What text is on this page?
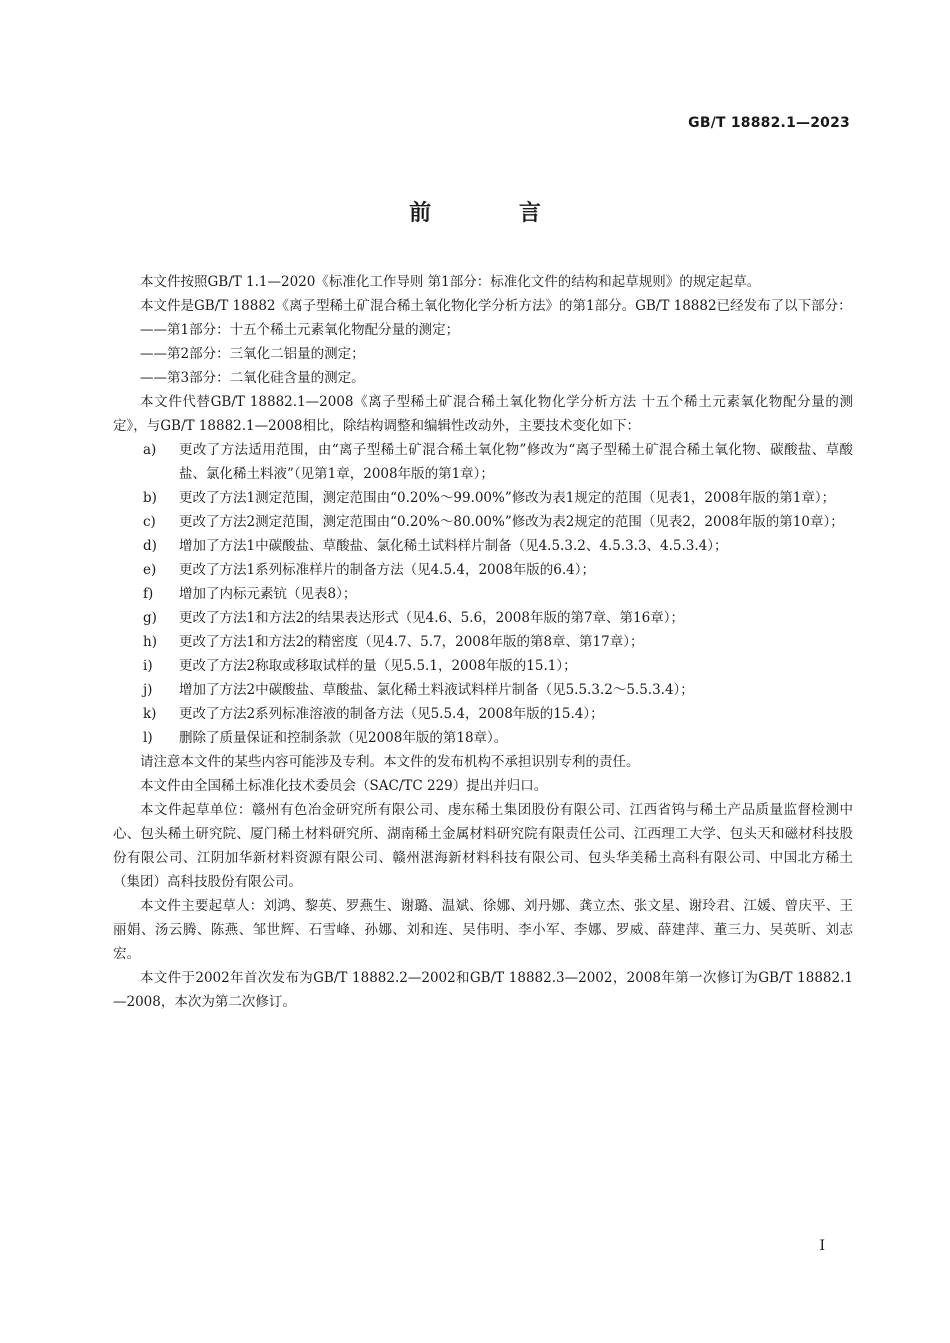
GB/T 18882.1—2023
前 言

本文件按照GB/T 1.1—2020《标准化工作导则 第1部分：标准化文件的结构和起草规则》的规定起草。

本文件是GB/T 18882《离子型稀土矿混合稀土氧化物化学分析方法》的第1部分。GB/T 18882已经发布了以下部分：

——第1部分：十五个稀土元素氧化物配分量的测定；

——第2部分：三氧化二铝量的测定；

——第3部分：二氧化硅含量的测定。

本文件代替GB/T 18882.1—2008《离子型稀土矿混合稀土氧化物化学分析方法 十五个稀土元素氧化物配分量的测定》，与GB/T 18882.1—2008相比，除结构调整和编辑性改动外，主要技术变化如下：

a)	更改了方法适用范围，由“离子型稀土矿混合稀土氧化物”修改为“离子型稀土矿混合稀土氧化物、碳酸盐、草酸盐、氯化稀土料液”（见第1章，2008年版的第1章）；
b)	更改了方法1测定范围，测定范围由“0.20%～99.00%”修改为表1规定的范围（见表1，2008年版的第1章）；
c)	更改了方法2测定范围，测定范围由“0.20%～80.00%”修改为表2规定的范围（见表2，2008年版的第10章）；
d)	增加了方法1中碳酸盐、草酸盐、氯化稀土试料样片制备（见4.5.3.2、4.5.3.3、4.5.3.4）；
e)	更改了方法1系列标准样片的制备方法（见4.5.4，2008年版的6.4）；
f)	增加了内标元素钪（见表8）；
g)	更改了方法1和方法2的结果表达形式（见4.6、5.6，2008年版的第7章、第16章）；
h)	更改了方法1和方法2的精密度（见4.7、5.7，2008年版的第8章、第17章）；
i)	更改了方法2称取或移取试样的量（见5.5.1，2008年版的15.1）；
j)	增加了方法2中碳酸盐、草酸盐、氯化稀土料液试料样片制备（见5.5.3.2～5.5.3.4）；
k)	更改了方法2系列标准溶液的制备方法（见5.5.4，2008年版的15.4）；
l)	删除了质量保证和控制条款（见2008年版的第18章）。

请注意本文件的某些内容可能涉及专利。本文件的发布机构不承担识别专利的责任。

本文件由全国稀土标准化技术委员会（SAC/TC 229）提出并归口。

本文件起草单位：赣州有色冶金研究所有限公司、虔东稀土集团股份有限公司、江西省钨与稀土产品质量监督检测中心、包头稀土研究院、厦门稀土材料研究所、湖南稀土金属材料研究院有限责任公司、江西理工大学、包头天和磁材科技股份有限公司、江阴加华新材料资源有限公司、赣州湛海新材料科技有限公司、包头华美稀土高科有限公司、中国北方稀土（集团）高科技股份有限公司。

本文件主要起草人：刘鸿、黎英、罗燕生、谢璐、温斌、徐娜、刘丹娜、龚立杰、张文星、谢玲君、江媛、曾庆平、王丽娟、汤云腾、陈燕、邹世辉、石雪峰、孙娜、刘和连、吴伟明、李小军、李娜、罗威、薛建萍、董三力、吴英昕、刘志宏。

本文件于2002年首次发布为GB/T 18882.2—2002和GB/T 18882.3—2002，2008年第一次修订为GB/T 18882.1—2008，本次为第二次修订。

I
